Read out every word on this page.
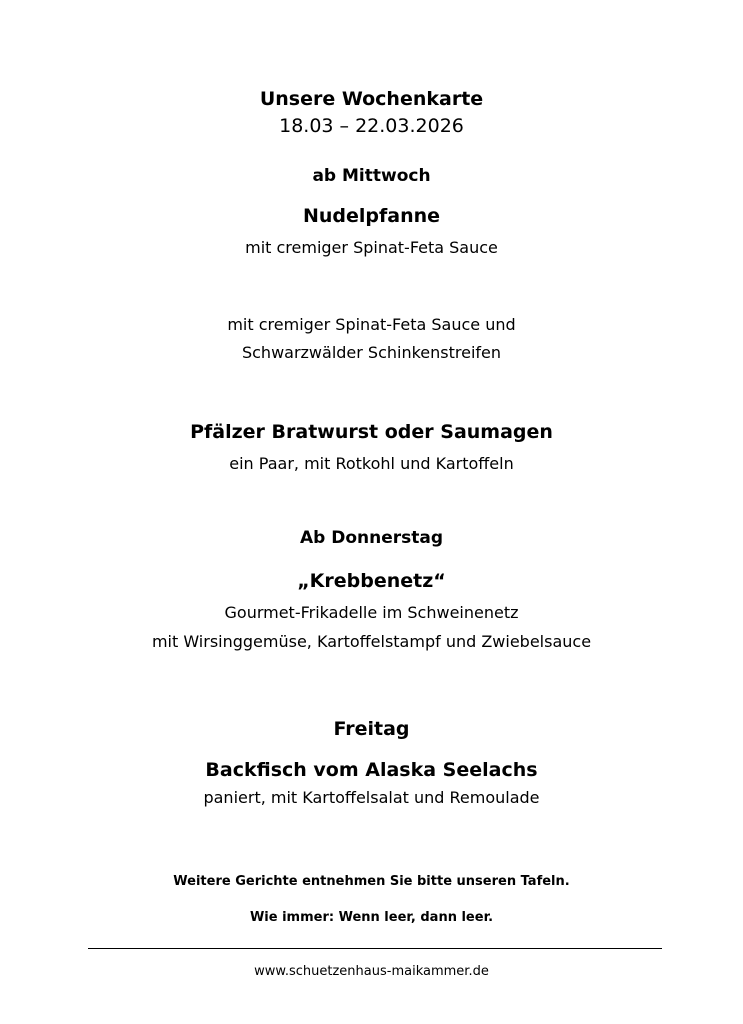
Unsere Wochenkarte
18.03 – 22.03.2026
ab Mittwoch
Nudelpfanne
mit cremiger Spinat-Feta Sauce
mit cremiger Spinat-Feta Sauce und
Schwarzwälder Schinkenstreifen
Pfälzer Bratwurst oder Saumagen
ein Paar, mit Rotkohl und Kartoffeln
Ab Donnerstag
„Krebbenetz“
Gourmet-Frikadelle im Schweinenetz
mit Wirsinggemüse, Kartoffelstampf und Zwiebelsauce
Freitag
Backfisch vom Alaska Seelachs
paniert, mit Kartoffelsalat und Remoulade
Weitere Gerichte entnehmen Sie bitte unseren Tafeln.
Wie immer: Wenn leer, dann leer.
www.schuetzenhaus-maikammer.de
